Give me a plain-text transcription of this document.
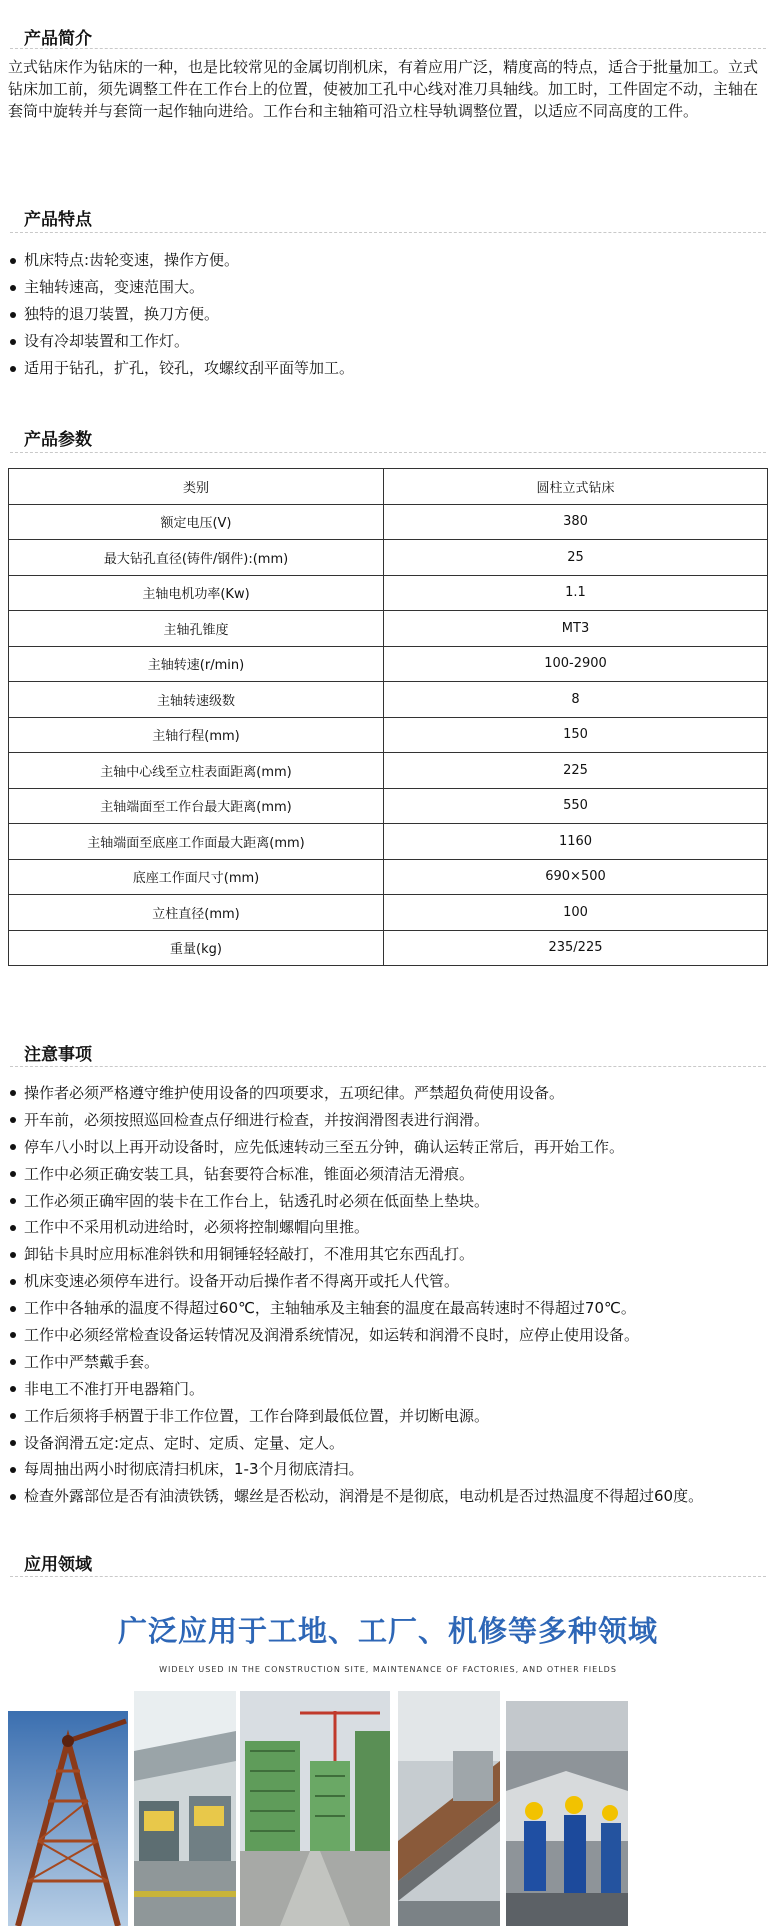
产品简介
立式钻床作为钻床的一种，也是比较常见的金属切削机床，有着应用广泛，精度高的特点，适合于批量加工。立式钻床加工前，须先调整工件在工作台上的位置，使被加工孔中心线对准刀具轴线。加工时，工件固定不动，主轴在套筒中旋转并与套筒一起作轴向进给。工作台和主轴箱可沿立柱导轨调整位置，以适应不同高度的工件。
产品特点
机床特点:齿轮变速，操作方便。
主轴转速高，变速范围大。
独特的退刀装置，换刀方便。
设有冷却装置和工作灯。
适用于钻孔，扩孔，铰孔，攻螺纹刮平面等加工。
产品参数
类别	圆柱立式钻床
额定电压(V)	380
最大钻孔直径(铸件/钢件):(mm)	25
主轴电机功率(Kw)	1.1
主轴孔锥度	MT3
主轴转速(r/min)	100-2900
主轴转速级数	8
主轴行程(mm)	150
主轴中心线至立柱表面距离(mm)	225
主轴端面至工作台最大距离(mm)	550
主轴端面至底座工作面最大距离(mm)	1160
底座工作面尺寸(mm)	690×500
立柱直径(mm)	100
重量(kg)	235/225
注意事项
操作者必须严格遵守维护使用设备的四项要求，五项纪律。严禁超负荷使用设备。
开车前，必须按照巡回检查点仔细进行检查，并按润滑图表进行润滑。
停车八小时以上再开动设备时，应先低速转动三至五分钟，确认运转正常后，再开始工作。
工作中必须正确安装工具，钻套要符合标准，锥面必须清洁无滑痕。
工作必须正确牢固的装卡在工作台上，钻透孔时必须在低面垫上垫块。
工作中不采用机动进给时，必须将控制螺帽向里推。
卸钻卡具时应用标准斜铁和用铜锤轻轻敲打，不准用其它东西乱打。
机床变速必须停车进行。设备开动后操作者不得离开或托人代管。
工作中各轴承的温度不得超过60℃，主轴轴承及主轴套的温度在最高转速时不得超过70℃。
工作中必须经常检查设备运转情况及润滑系统情况，如运转和润滑不良时，应停止使用设备。
工作中严禁戴手套。
非电工不准打开电器箱门。
工作后须将手柄置于非工作位置，工作台降到最低位置，并切断电源。
设备润滑五定:定点、定时、定质、定量、定人。
每周抽出两小时彻底清扫机床，1-3个月彻底清扫。
检查外露部位是否有油渍铁锈，螺丝是否松动，润滑是不是彻底，电动机是否过热温度不得超过60度。
应用领域
广泛应用于工地、工厂、机修等多种领域
WIDELY USED IN THE CONSTRUCTION SITE, MAINTENANCE OF FACTORIES, AND OTHER FIELDS
